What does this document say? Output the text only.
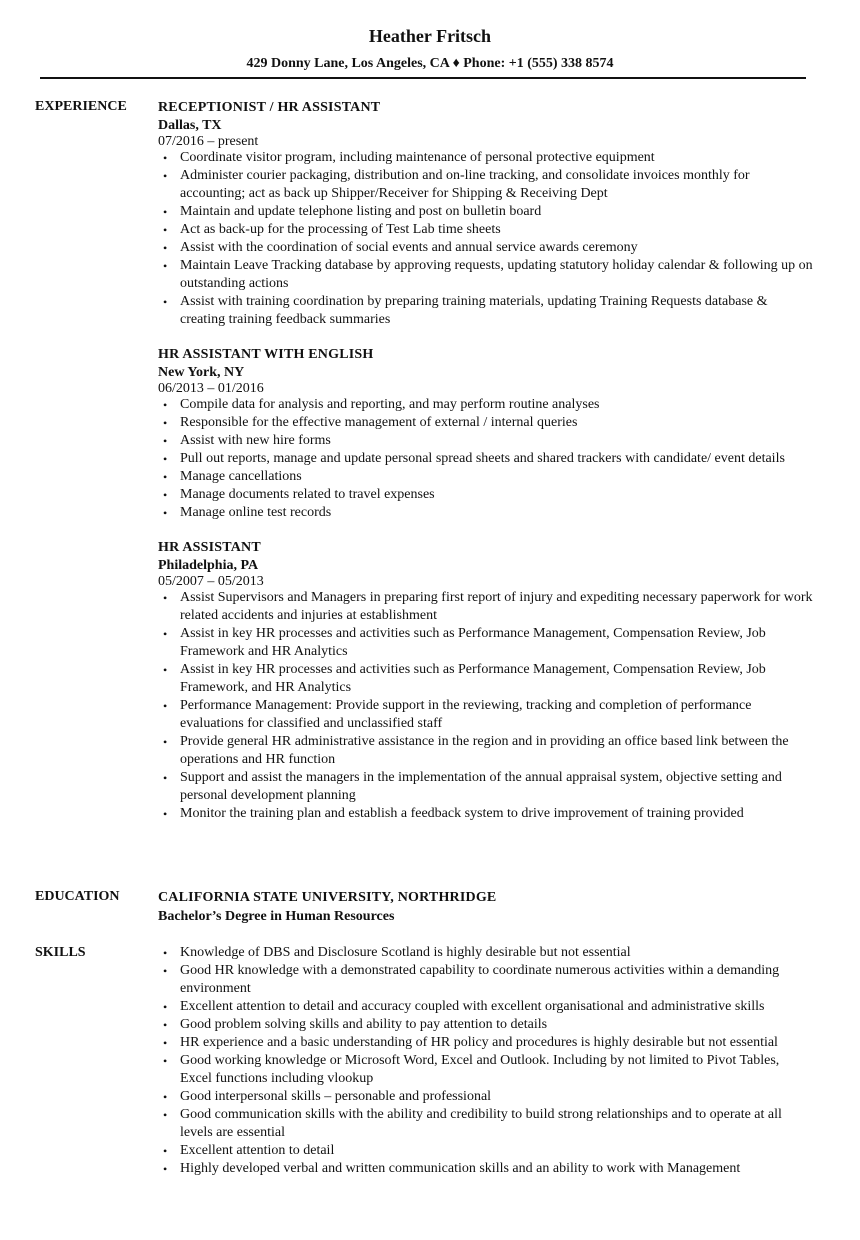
Heather Fritsch
429 Donny Lane, Los Angeles, CA ♦ Phone: +1 (555) 338 8574
EXPERIENCE	RECEPTIONIST / HR ASSISTANT
Dallas, TX
07/2016 – present
• Coordinate visitor program, including maintenance of personal protective equipment
• Administer courier packaging, distribution and on-line tracking, and consolidate invoices monthly for accounting; act as back up Shipper/Receiver for Shipping & Receiving Dept
• Maintain and update telephone listing and post on bulletin board
• Act as back-up for the processing of Test Lab time sheets
• Assist with the coordination of social events and annual service awards ceremony
• Maintain Leave Tracking database by approving requests, updating statutory holiday calendar & following up on outstanding actions
• Assist with training coordination by preparing training materials, updating Training Requests database & creating training feedback summaries
HR ASSISTANT WITH ENGLISH
New York, NY
06/2013 – 01/2016
• Compile data for analysis and reporting, and may perform routine analyses
• Responsible for the effective management of external / internal queries
• Assist with new hire forms
• Pull out reports, manage and update personal spread sheets and shared trackers with candidate/ event details
• Manage cancellations
• Manage documents related to travel expenses
• Manage online test records
HR ASSISTANT
Philadelphia, PA
05/2007 – 05/2013
• Assist Supervisors and Managers in preparing first report of injury and expediting necessary paperwork for work related accidents and injuries at establishment
• Assist in key HR processes and activities such as Performance Management, Compensation Review, Job Framework and HR Analytics
• Assist in key HR processes and activities such as Performance Management, Compensation Review, Job Framework, and HR Analytics
• Performance Management: Provide support in the reviewing, tracking and completion of performance evaluations for classified and unclassified staff
• Provide general HR administrative assistance in the region and in providing an office based link between the operations and HR function
• Support and assist the managers in the implementation of the annual appraisal system, objective setting and personal development planning
• Monitor the training plan and establish a feedback system to drive improvement of training provided
EDUCATION	CALIFORNIA STATE UNIVERSITY, NORTHRIDGE
Bachelor’s Degree in Human Resources
SKILLS	• Knowledge of DBS and Disclosure Scotland is highly desirable but not essential
• Good HR knowledge with a demonstrated capability to coordinate numerous activities within a demanding environment
• Excellent attention to detail and accuracy coupled with excellent organisational and administrative skills
• Good problem solving skills and ability to pay attention to details
• HR experience and a basic understanding of HR policy and procedures is highly desirable but not essential
• Good working knowledge or Microsoft Word, Excel and Outlook. Including by not limited to Pivot Tables, Excel functions including vlookup
• Good interpersonal skills – personable and professional
• Good communication skills with the ability and credibility to build strong relationships and to operate at all levels are essential
• Excellent attention to detail
• Highly developed verbal and written communication skills and an ability to work with Management
